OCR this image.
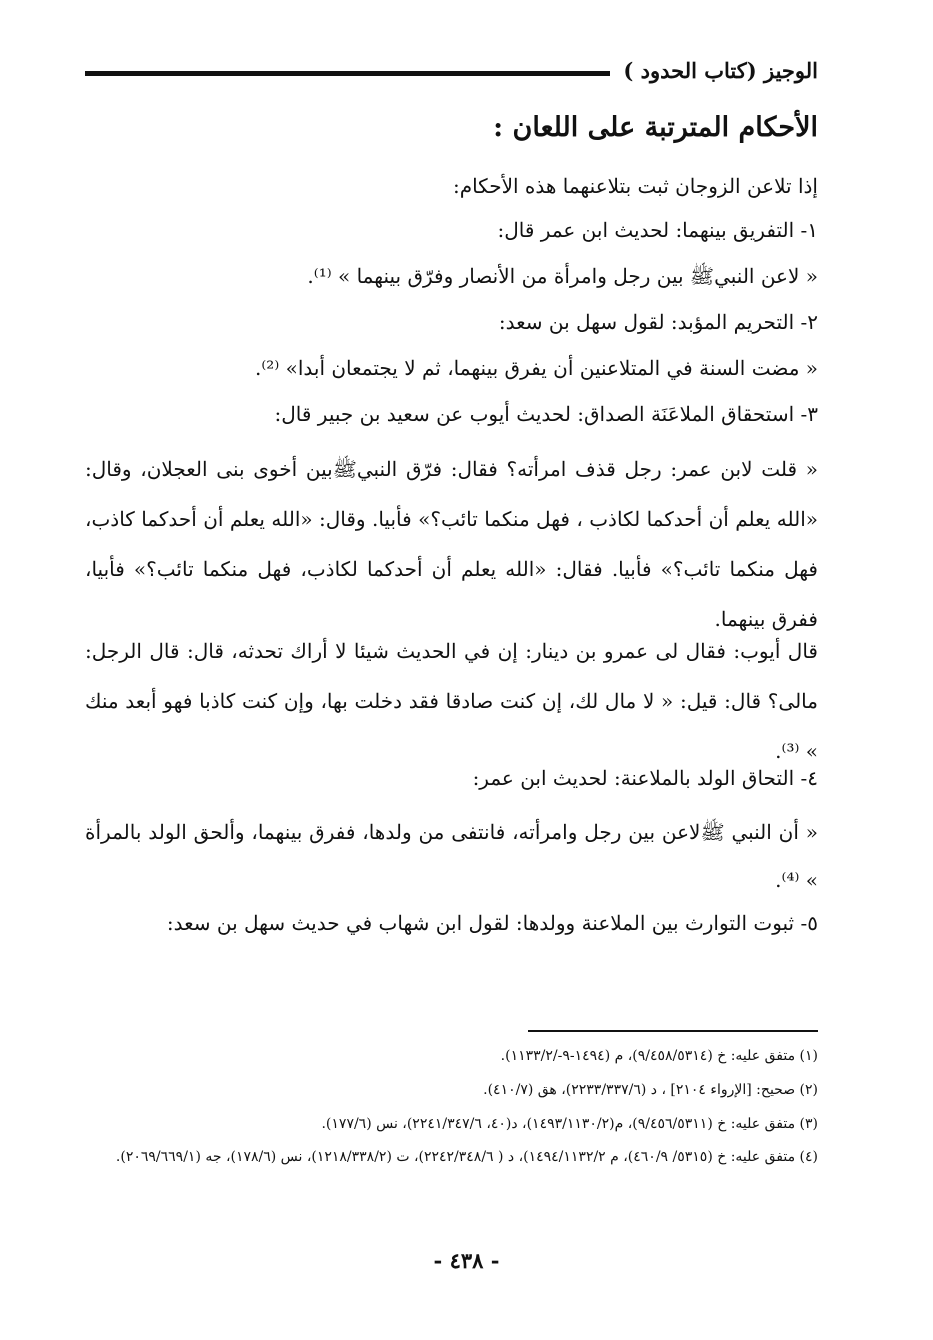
الوجيز (كتاب الحدود )
الأحكام المترتبة على اللعان :
إذا تلاعن الزوجان ثبت بتلاعنهما هذه الأحكام:
١- التفريق بينهما: لحديث ابن عمر قال:
« لاعن النبيﷺ بين رجل وامرأة من الأنصار وفرّق بينهما » ⁽¹⁾.
٢- التحريم المؤبد: لقول سهل بن سعد:
« مضت السنة في المتلاعنين أن يفرق بينهما، ثم لا يجتمعان أبدا» ⁽²⁾.
٣- استحقاق الملاعَنَة الصداق: لحديث أيوب عن سعيد بن جبير قال:
« قلت لابن عمر: رجل قذف امرأته؟ فقال: فرّق النبيﷺبين أخوى بنى العجلان، وقال: «الله يعلم أن أحدكما لكاذب ، فهل منكما تائب؟» فأبيا. وقال: «الله يعلم أن أحدكما كاذب، فهل منكما تائب؟» فأبيا. فقال: «الله يعلم أن أحدكما لكاذب، فهل منكما تائب؟» فأبيا، ففرق بينهما.
قال أيوب: فقال لى عمرو بن دينار: إن في الحديث شيئا لا أراك تحدثه، قال: قال الرجل: مالى؟ قال: قيل: « لا مال لك، إن كنت صادقا فقد دخلت بها، وإن كنت كاذبا فهو أبعد منك » ⁽³⁾.
٤- التحاق الولد بالملاعنة: لحديث ابن عمر:
« أن النبي ﷺلاعن بين رجل وامرأته، فانتفى من ولدها، ففرق بينهما، وألحق الولد بالمرأة » ⁽⁴⁾.
٥- ثبوت التوارث بين الملاعنة وولدها: لقول ابن شهاب في حديث سهل بن سعد:
(١) متفق عليه: خ (٩/٤٥٨/٥٣١٤)، م (١٤٩٤-٩-/١١٣٣/٢).
(٢) صحيح: [الإرواء ٢١٠٤] ، د (٢٢٣٣/٣٣٧/٦)، هق (٤١٠/٧).
(٣) متفق عليه: خ (٩/٤٥٦/٥٣١١)، م(١٤٩٣/١١٣٠/٢)، د(٤٠، ٢٢٤١/٣٤٧/٦)، نس (١٧٧/٦).
(٤) متفق عليه: خ (٥٣١٥/ ٤٦٠/٩)، م ١٤٩٤/١١٣٢/٢)، د ( ٢٢٤٢/٣٤٨/٦)، ت (١٢١٨/٣٣٨/٢)، نس (١٧٨/٦)، جه (٢٠٦٩/٦٦٩/١).
- ٤٣٨ -
